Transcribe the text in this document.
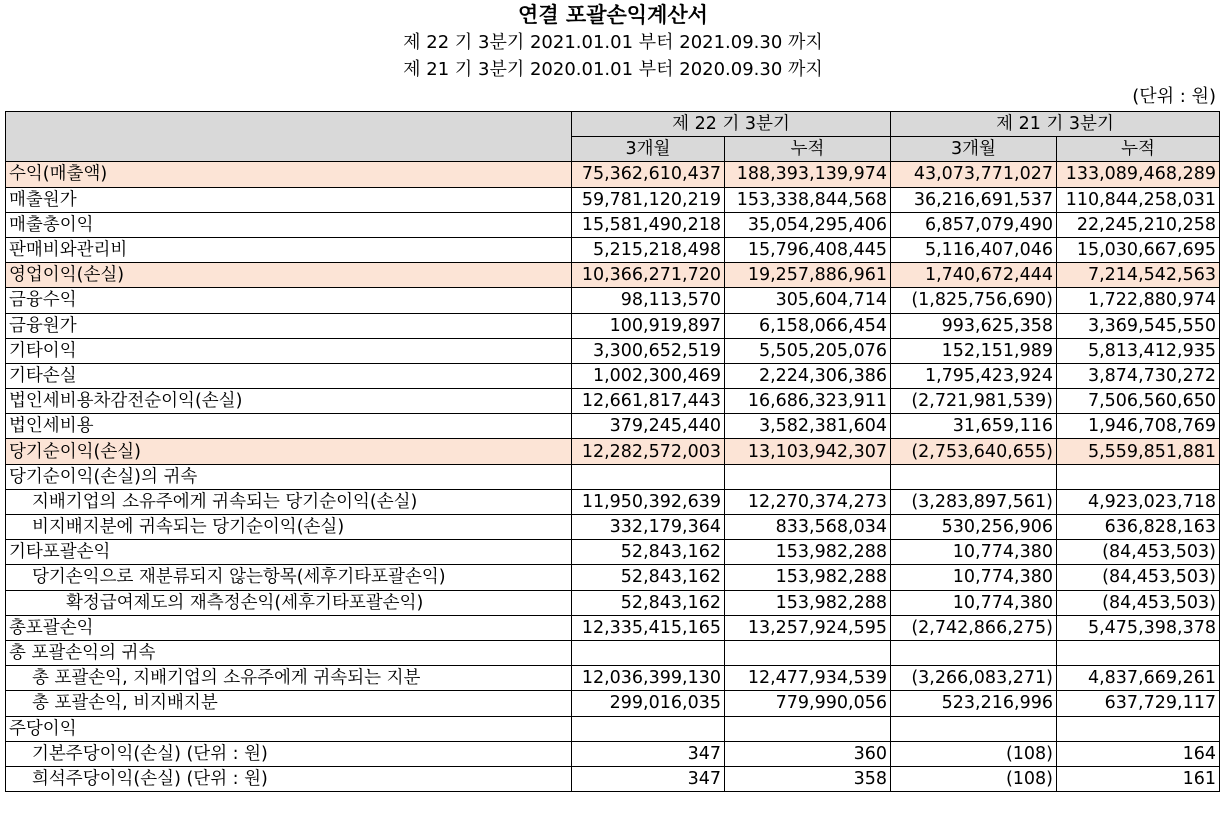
연결 포괄손익계산서
제 22 기 3분기 2021.01.01 부터 2021.09.30 까지
제 21 기 3분기 2020.01.01 부터 2020.09.30 까지
(단위 : 원)
	제 22 기 3분기		제 21 기 3분기	
	3개월	누적	3개월	누적
수익(매출액)	75,362,610,437	188,393,139,974	43,073,771,027	133,089,468,289
매출원가	59,781,120,219	153,338,844,568	36,216,691,537	110,844,258,031
매출총이익	15,581,490,218	35,054,295,406	6,857,079,490	22,245,210,258
판매비와관리비	5,215,218,498	15,796,408,445	5,116,407,046	15,030,667,695
영업이익(손실)	10,366,271,720	19,257,886,961	1,740,672,444	7,214,542,563
금융수익	98,113,570	305,604,714	(1,825,756,690)	1,722,880,974
금융원가	100,919,897	6,158,066,454	993,625,358	3,369,545,550
기타이익	3,300,652,519	5,505,205,076	152,151,989	5,813,412,935
기타손실	1,002,300,469	2,224,306,386	1,795,423,924	3,874,730,272
법인세비용차감전순이익(손실)	12,661,817,443	16,686,323,911	(2,721,981,539)	7,506,560,650
법인세비용	379,245,440	3,582,381,604	31,659,116	1,946,708,769
당기순이익(손실)	12,282,572,003	13,103,942,307	(2,753,640,655)	5,559,851,881
당기순이익(손실)의 귀속				
지배기업의 소유주에게 귀속되는 당기순이익(손실)	11,950,392,639	12,270,374,273	(3,283,897,561)	4,923,023,718
비지배지분에 귀속되는 당기순이익(손실)	332,179,364	833,568,034	530,256,906	636,828,163
기타포괄손익	52,843,162	153,982,288	10,774,380	(84,453,503)
당기손익으로 재분류되지 않는항목(세후기타포괄손익)	52,843,162	153,982,288	10,774,380	(84,453,503)
확정급여제도의 재측정손익(세후기타포괄손익)	52,843,162	153,982,288	10,774,380	(84,453,503)
총포괄손익	12,335,415,165	13,257,924,595	(2,742,866,275)	5,475,398,378
총 포괄손익의 귀속				
총 포괄손익, 지배기업의 소유주에게 귀속되는 지분	12,036,399,130	12,477,934,539	(3,266,083,271)	4,837,669,261
총 포괄손익, 비지배지분	299,016,035	779,990,056	523,216,996	637,729,117
주당이익				
기본주당이익(손실) (단위 : 원)	347	360	(108)	164
희석주당이익(손실) (단위 : 원)	347	358	(108)	161
